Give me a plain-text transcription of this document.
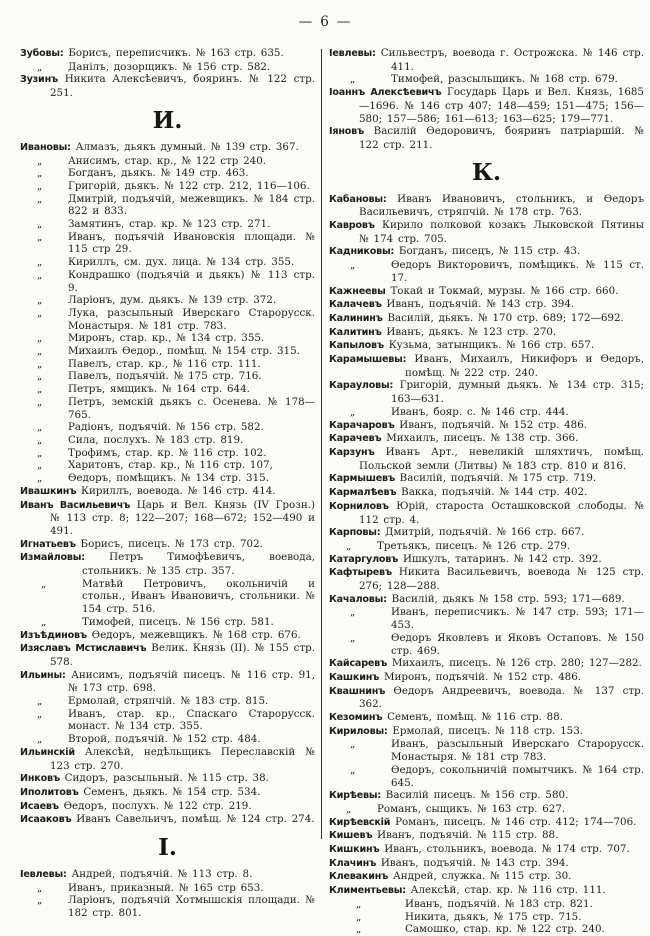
— 6 —

Зубовы: Борисъ, переписчикъ. № 163 стр. 635.

„ Данілъ, дозорщикъ. № 156 стр. 582.

Зузинъ Никита Алексѣевичъ, бояринъ. № 122 стр. 251.

И.

Ивановы: Алмазъ, дьякъ думный. № 139 стр. 367.

„ Анисимъ, стар. кр., № 122 стр 240.

„ Богданъ, дьякъ. № 149 стр. 463.

„ Григорій, дьякъ. № 122 стр. 212, 116—106.

„ Дмитрій, подъячій, межевщикъ. № 184 стр. 822 и 833.

„ Замятинъ, стар. кр. № 123 стр. 271.

„ Иванъ, подъячій Ивановскія площади. № 115 стр 29.

„ Кириллъ, см. дух. лица. № 134 стр. 355.

„ Кондрашко (подъячій и дьякъ) № 113 стр. 9.

„ Ларіонъ, дум. дьякъ. № 139 стр. 372.

„ Лука, разсыльный Иверскаго Старорусск. Монастыря. № 181 стр. 783.

„ Миронъ, стар. кр., № 134 стр. 355.

„ Михаилъ Ѳедор., помѣщ. № 154 стр. 315.

„ Павелъ, стар. кр., № 116 стр. 111.

„ Павелъ, подъячій. № 175 стр. 716.

„ Петръ, ямщикъ. № 164 стр. 644.

„ Петръ, земскій дьякъ с. Осенева. № 178—765.

„ Радіонъ, подъячій. № 156 стр. 582.

„ Сила, послухъ. № 183 стр. 819.

„ Трофимъ, стар. кр. № 116 стр. 102.

„ Харитонъ, стар. кр., № 116 стр. 107,

„ Ѳедоръ, помѣщикъ. № 134 стр. 315.

Ивашкинъ Кириллъ, воевода. № 146 стр. 414.

Иванъ Васильевичъ Царь и Вел. Князь (IV Грозн.) № 113 стр. 8; 122—207; 168—672; 152—490 и 491.

Игнатьевъ Борисъ, писецъ. № 173 стр. 702.

Измайловы: Петръ Тимофѣевичъ, воевода, стольникъ. № 135 стр. 357.

„	Матвѣй Петровичъ, окольничій и стольн., Иванъ Ивановичъ, стольники. № 154 стр. 516.

„	Тимофей, писецъ. № 156 стр. 581.

Изъѣдиновъ Ѳедоръ, межевщикъ. № 168 стр. 676.

Изяславъ Мстиславичъ Велик. Князь (II). № 155 стр. 578.

Ильины: Анисимъ, подъячій писецъ. № 116 стр. 91, № 173 стр. 698.

„ Ермолай, стряпчій. № 183 стр. 815.

„ Иванъ, стар. кр., Спаскаго Старорусск. монаст. № 134 стр. 355.

„ Второй, подъячій. № 152 стр. 484.

Ильинскій Алексѣй, недѣльщикъ Переславскій № 123 стр. 270.

Инковъ Сидоръ, разсыльный. № 115 стр. 38.

Иполитовъ Семенъ, дьякъ. № 154 стр. 534.

Исаевъ Ѳедоръ, послухъ. № 122 стр. 219.

Исааковъ Иванъ Савельичъ, помѣщ. № 124 стр. 274.

I.

Іевлевы: Андрей, подъячій. № 113 стр. 8.

„ Иванъ, приказный. № 165 стр 653.

„ Ларіонъ, подъячій Хотмышскія площади. № 182 стр. 801.

Іевлевы: Сильвестръ, воевода г. Острожска. № 146 стр. 411.

„	Тимофей, разсыльщикъ. № 168 стр. 679.

Іоаннъ Алексѣевичъ Государь Царь и Вел. Князь, 1685—1696. № 146 стр 407; 148—459; 151—475; 156—580; 157—586; 161—613; 163—625; 179—771.

Іяновъ Василій Ѳедоровичъ, бояринъ патріаршій. № 122 стр. 211.

К.

Кабановы: Иванъ Ивановичъ, стольникъ, и Ѳедоръ Васильевичъ, стряпчій. № 178 стр. 763.

Кавровъ Кирило полковой козакъ Лыковской Пятины № 174 стр. 705.

Кадниковы: Богданъ, писецъ, № 115 стр. 43.

„	Ѳедоръ Викторовичъ, помѣщикъ. № 115 ст. 17.

Кажнеевы Токай и Токмай, мурзы. № 166 стр. 660.

Калачевъ Иванъ, подъячій. № 143 стр. 394.

Калининъ Василій, дьякъ. № 170 стр. 689; 172—692.

Калитинъ Иванъ, дьякъ. № 123 стр. 270.

Капыловъ Кузьма, затынщикъ. № 166 стр. 657.

Карамышевы: Иванъ, Михаилъ, Никифоръ и Ѳедоръ, помѣщ. № 222 стр. 240.

Карауловы: Григорій, думный дьякъ. № 134 стр. 315; 163—631.

„	Иванъ, бояр. с. № 146 стр. 444.

Карачаровъ Иванъ, подъячій. № 152 стр. 486.

Карачевъ Михаилъ, писецъ. № 138 стр. 366.

Карзунъ Иванъ Арт., невеликій шляхтичъ, помѣщ. Польской земли (Литвы) № 183 стр. 810 и 816.

Кармышевъ Василій, подъячій. № 175 стр. 719.

Кармалѣевъ Вакка, подъячій. № 144 стр. 402.

Корниловъ Юрій, староста Осташковской слободы. № 112 стр. 4.

Карповы: Дмитрій, подъячій. № 166 стр. 667.

„ Третьякъ, писецъ. № 126 стр. 279.

Катаргуловъ Ишкулъ, татаринъ. № 142 стр. 392.

Кафтыревъ Никита Васильевичъ, воевода № 125 стр. 276; 128—288.

Качаловы: Василій, дьякъ № 158 стр. 593; 171—689.

„	Иванъ, переписчикъ. № 147 стр. 593; 171—453.

„	Ѳедоръ Яковлевъ и Яковъ Остаповъ. № 150 стр. 469.

Кайсаревъ Михаилъ, писецъ. № 126 стр. 280; 127—282.

Кашкинъ Миронъ, подъячій. № 152 стр. 486.

Квашнинъ Ѳедоръ Андреевичъ, воевода. № 137 стр. 362.

Кезоминъ Семенъ, помѣщ. № 116 стр. 88.

Кириловы: Ермолай, писецъ. № 118 стр. 153.

„	Иванъ, разсыльный Иверскаго Старорусск. Монастыря. № 181 стр 783.

„	Ѳедоръ, сокольничій помытчикъ. № 164 стр. 645.

Кирѣевы: Василій писецъ. № 156 стр. 580.

„ Романъ, сыщикъ. № 163 стр. 627.

Кирѣевскій Романъ, писецъ. № 146 стр. 412; 174—706.

Кишевъ Иванъ, подъячій. № 115 стр. 88.

Кишкинъ Иванъ, стольникъ, воевода. № 174 стр. 707.

Клачинъ Иванъ, подъячій. № 143 стр. 394.

Клевакинъ Андрей, служка. № 115 стр. 30.

Климентьевы: Алексѣй, стар. кр. № 116 стр. 111.

„	Иванъ, подъячій. № 183 стр. 821.

„	Никита, дьякъ, № 175 стр. 715.

„	Самошко, стар. кр. № 122 стр. 240.
